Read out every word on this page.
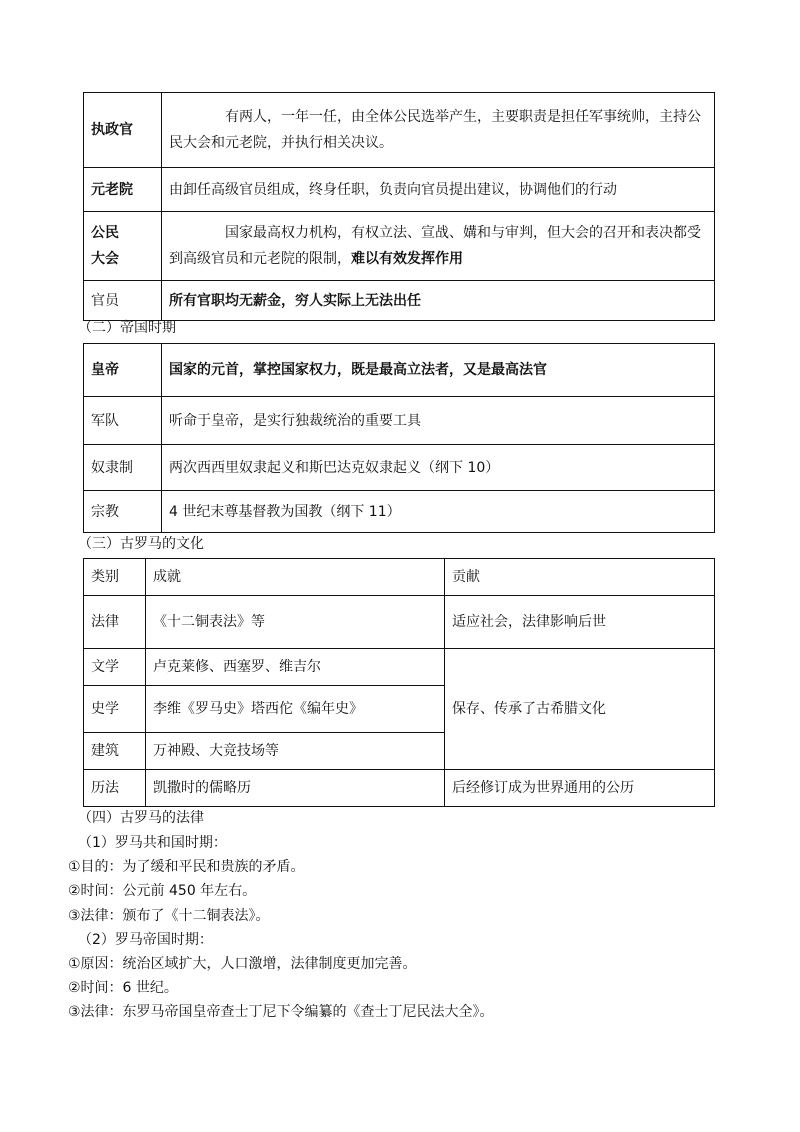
执政官	有两人，一年一任，由全体公民选举产生，主要职责是担任军事统帅，主持公民大会和元老院，并执行相关决议。
元老院	由卸任高级官员组成，终身任职，负责向官员提出建议，协调他们的行动

公民
大会	国家最高权力机构，有权立法、宣战、媾和与审判，但大会的召开和表决都受到高级官员和元老院的限制，难以有效发挥作用
官员	所有官职均无薪金，穷人实际上无法出任
（二）帝国时期
皇帝	国家的元首，掌控国家权力，既是最高立法者，又是最高法官
军队	听命于皇帝，是实行独裁统治的重要工具
奴隶制	两次西西里奴隶起义和斯巴达克奴隶起义（纲下 10）
宗教	4 世纪末尊基督教为国教（纲下 11）
（三）古罗马的文化
类别	成就	贡献
法律	《十二铜表法》等	适应社会，法律影响后世
文学	卢克莱修、西塞罗、维吉尔	保存、传承了古希腊文化
史学	李维《罗马史》塔西佗《编年史》	
建筑	万神殿、大竞技场等	
历法	凯撒时的儒略历	后经修订成为世界通用的公历
（四）古罗马的法律
（1）罗马共和国时期：
①目的：为了缓和平民和贵族的矛盾。
②时间：公元前 450 年左右。
③法律：颁布了《十二铜表法》。
（2）罗马帝国时期：
①原因：统治区域扩大，人口激增，法律制度更加完善。
②时间：6 世纪。
③法律：东罗马帝国皇帝查士丁尼下令编纂的《查士丁尼民法大全》。
